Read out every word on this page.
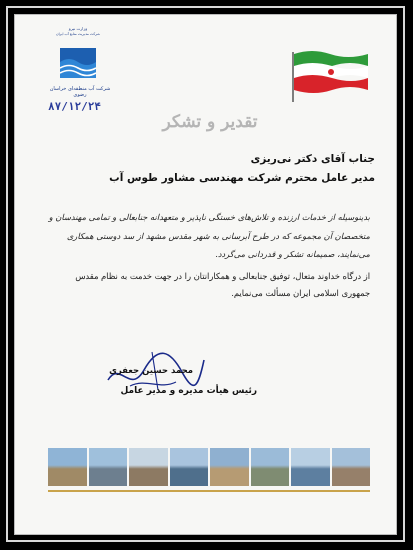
وزارت نیرو
شرکت مدیریت منابع آب ایران
شرکت آب منطقه‌ای خراسان رضوی
۸۷/۱۲/۲۴
تقدیر و تشکر
جناب آقای دکتر نی‌ریزی
مدیر عامل محترم شرکت مهندسی مشاور طوس آب

بدینوسیله از خدمات ارزنده و تلاش‌های خستگی ناپذیر و متعهدانه جنابعالی و تمامی مهندسان و متخصصان آن مجموعه که در طرح آبرسانی به شهر مقدس مشهد از سد دوستی همکاری می‌نمایند، صمیمانه تشکر و قدردانی می‌گردد.

از درگاه خداوند متعال، توفیق جنابعالی و همکارانتان را در جهت خدمت به نظام مقدس جمهوری اسلامی ایران مسألت می‌نمایم.

محمد حسین جعفری
رئیس هیأت مدیره و مدیر عامل
